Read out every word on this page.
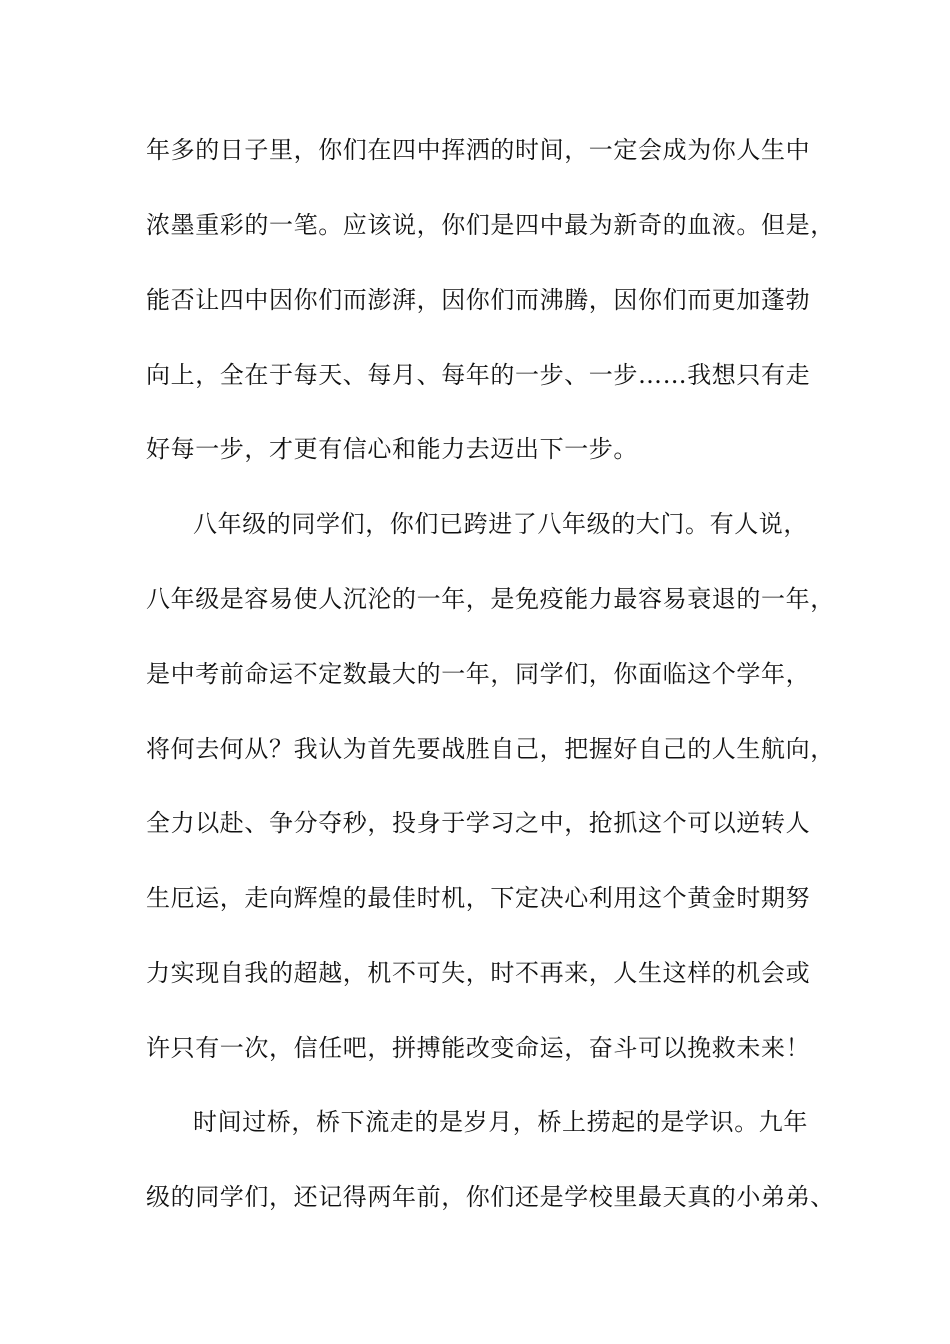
年多的日子里，你们在四中挥洒的时间，一定会成为你人生中
浓墨重彩的一笔。应该说，你们是四中最为新奇的血液。但是，
能否让四中因你们而澎湃，因你们而沸腾，因你们而更加蓬勃
向上，全在于每天、每月、每年的一步、一步……我想只有走
好每一步，才更有信心和能力去迈出下一步。
八年级的同学们，你们已跨进了八年级的大门。有人说，
八年级是容易使人沉沦的一年，是免疫能力最容易衰退的一年，
是中考前命运不定数最大的一年，同学们，你面临这个学年，
将何去何从？我认为首先要战胜自己，把握好自己的人生航向，
全力以赴、争分夺秒，投身于学习之中，抢抓这个可以逆转人
生厄运，走向辉煌的最佳时机，下定决心利用这个黄金时期努
力实现自我的超越，机不可失，时不再来，人生这样的机会或
许只有一次，信任吧，拼搏能改变命运，奋斗可以挽救未来！
时间过桥，桥下流走的是岁月，桥上捞起的是学识。九年
级的同学们，还记得两年前，你们还是学校里最天真的小弟弟、
